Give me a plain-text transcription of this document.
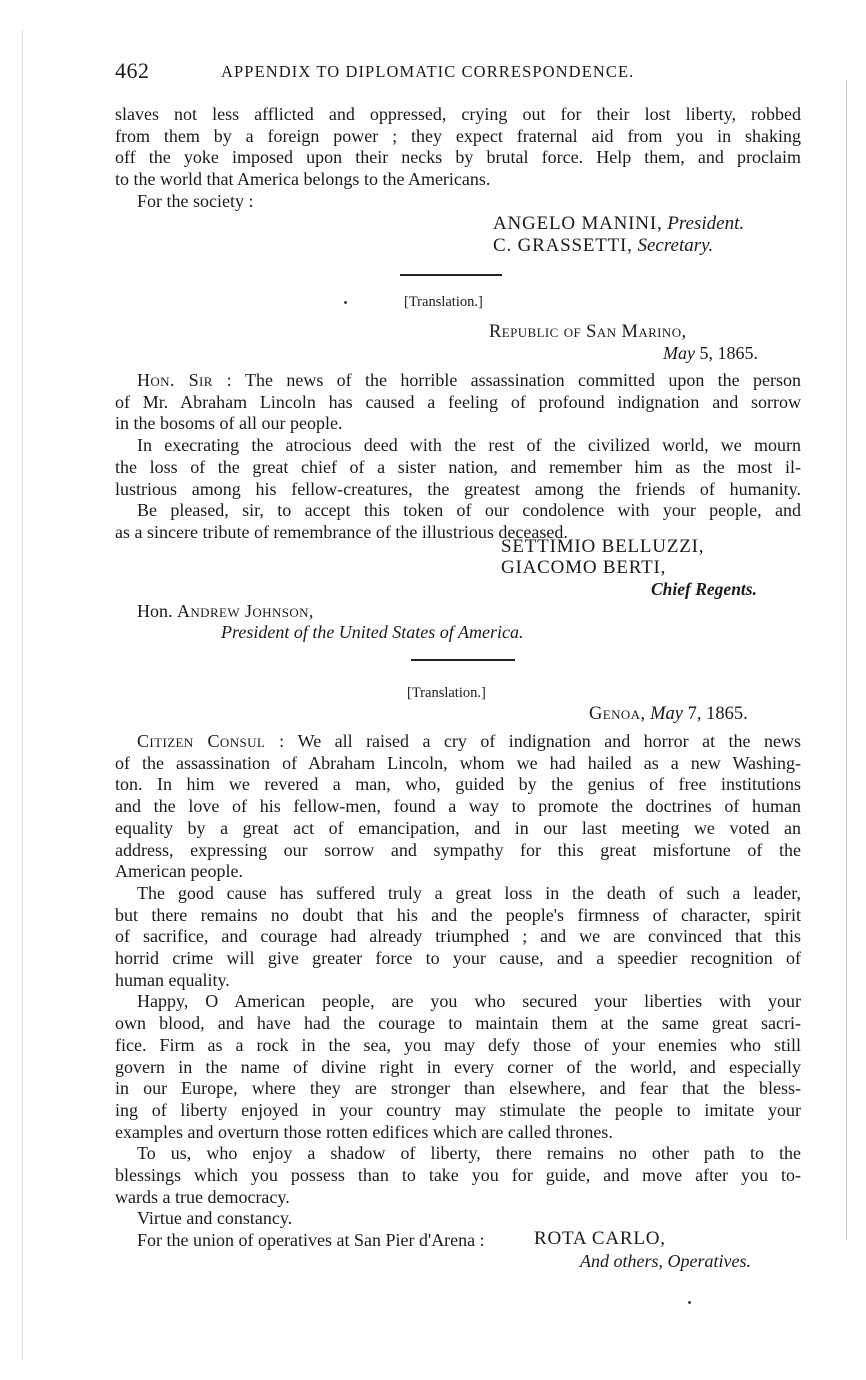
462	APPENDIX TO DIPLOMATIC CORRESPONDENCE.
slaves not less afflicted and oppressed, crying out for their lost liberty, robbed
from them by a foreign power ; they expect fraternal aid from you in shaking
off the yoke imposed upon their necks by brutal force. Help them, and proclaim
to the world that America belongs to the Americans.
For the society :
ANGELO MANINI, President.
C. GRASSETTI, Secretary.
[Translation.]
Republic of San Marino,
May 5, 1865.
Hon. Sir : The news of the horrible assassination committed upon the person
of Mr. Abraham Lincoln has caused a feeling of profound indignation and sorrow
in the bosoms of all our people.
In execrating the atrocious deed with the rest of the civilized world, we mourn
the loss of the great chief of a sister nation, and remember him as the most il-
lustrious among his fellow-creatures, the greatest among the friends of humanity.
Be pleased, sir, to accept this token of our condolence with your people, and
as a sincere tribute of remembrance of the illustrious deceased.
SETTIMIO BELLUZZI,
GIACOMO BERTI,
Chief Regents.
Hon. Andrew Johnson,
President of the United States of America.
[Translation.]
Genoa, May 7, 1865.
Citizen Consul : We all raised a cry of indignation and horror at the news
of the assassination of Abraham Lincoln, whom we had hailed as a new Washing-
ton. In him we revered a man, who, guided by the genius of free institutions
and the love of his fellow-men, found a way to promote the doctrines of human
equality by a great act of emancipation, and in our last meeting we voted an
address, expressing our sorrow and sympathy for this great misfortune of the
American people.
The good cause has suffered truly a great loss in the death of such a leader,
but there remains no doubt that his and the people's firmness of character, spirit
of sacrifice, and courage had already triumphed ; and we are convinced that this
horrid crime will give greater force to your cause, and a speedier recognition of
human equality.
Happy, O American people, are you who secured your liberties with your
own blood, and have had the courage to maintain them at the same great sacri-
fice. Firm as a rock in the sea, you may defy those of your enemies who still
govern in the name of divine right in every corner of the world, and especially
in our Europe, where they are stronger than elsewhere, and fear that the bless-
ing of liberty enjoyed in your country may stimulate the people to imitate your
examples and overturn those rotten edifices which are called thrones.
To us, who enjoy a shadow of liberty, there remains no other path to the
blessings which you possess than to take you for guide, and move after you to-
wards a true democracy.
Virtue and constancy.
For the union of operatives at San Pier d'Arena :	ROTA CARLO,
And others, Operatives.
